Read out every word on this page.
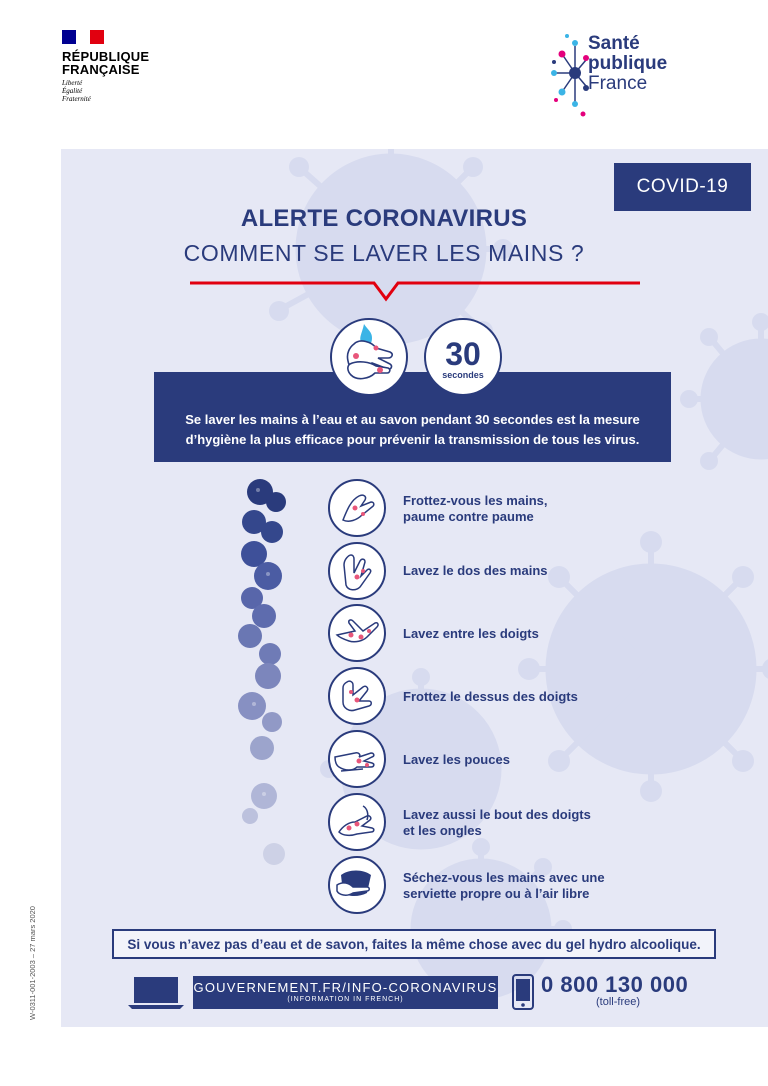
RÉPUBLIQUE
FRANÇAISE
Liberté
Égalité
Fraternité
Santé
publique
France
COVID-19
ALERTE CORONAVIRUS
COMMENT SE LAVER LES MAINS ?
Se laver les mains à l’eau et au savon pendant 30 secondes est la mesure
d’hygiène la plus efficace pour prévenir la transmission de tous les virus.
30
secondes
Frottez-vous les mains,
paume contre paume
Lavez le dos des mains
Lavez entre les doigts
Frottez le dessus des doigts
Lavez les pouces
Lavez aussi le bout des doigts
et les ongles
Séchez-vous les mains avec une
serviette propre ou à l’air libre
Si vous n’avez pas d’eau et de savon, faites la même chose avec du gel hydro alcoolique.
GOUVERNEMENT.FR/INFO-CORONAVIRUS
(INFORMATION IN FRENCH)
0 800 130 000
(toll-free)
W-0311-001-2003 – 27 mars 2020
